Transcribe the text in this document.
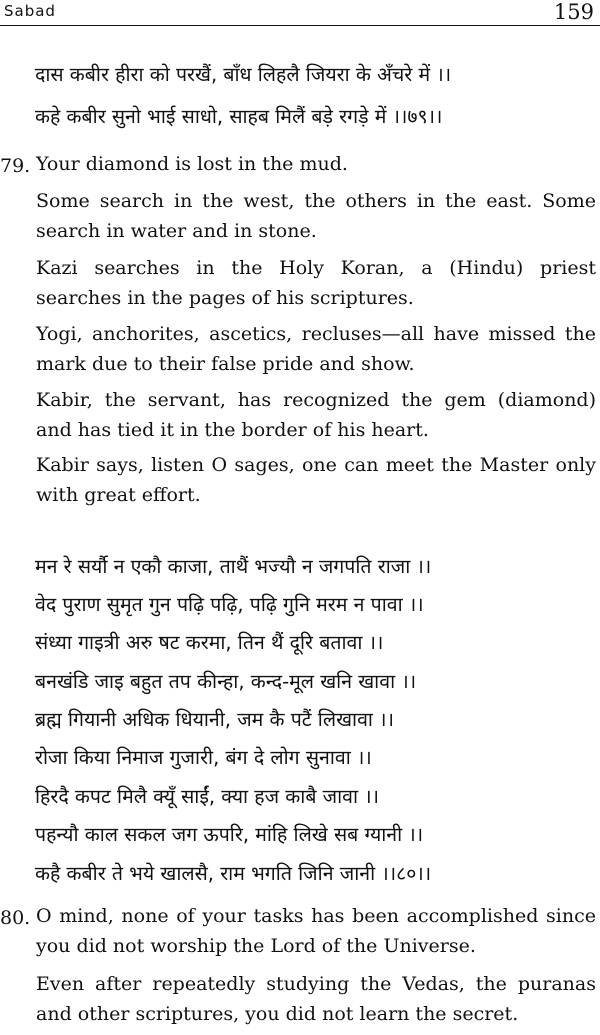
Sabad	159
दास कबीर हीरा को परखैं, बाँध लिहलै जियरा के अँचरे में ।।
कहे कबीर सुनो भाई साधो, साहब मिलैं बड़े रगड़े में ।।७९।।
79. Your diamond is lost in the mud.
Some search in the west, the others in the east. Some search in water and in stone.
Kazi searches in the Holy Koran, a (Hindu) priest searches in the pages of his scriptures.
Yogi, anchorites, ascetics, recluses—all have missed the mark due to their false pride and show.
Kabir, the servant, has recognized the gem (diamond) and has tied it in the border of his heart.
Kabir says, listen O sages, one can meet the Master only with great effort.
मन रे सर्यौ न एकौ काजा, ताथैं भज्यौ न जगपति राजा ।।
वेद पुराण सुमृत गुन पढ़ि पढ़ि, पढ़ि गुनि मरम न पावा ।।
संध्या गाइत्री अरु षट करमा, तिन थैं दूरि बतावा ।।
बनखंडि जाइ बहुत तप कीन्हा, कन्द-मूल खनि खावा ।।
ब्रह्म गियानी अधिक धियानी, जम कै पटैं लिखावा ।।
रोजा किया निमाज गुजारी, बंग दे लोग सुनावा ।।
हिरदै कपट मिलै क्यूँ साईं, क्या हज काबै जावा ।।
पहन्यौ काल सकल जग ऊपरि, मांहि लिखे सब ग्यानी ।।
कहै कबीर ते भये खालसै, राम भगति जिनि जानी ।।८०।।
80. O mind, none of your tasks has been accomplished since you did not worship the Lord of the Universe.
Even after repeatedly studying the Vedas, the puranas and other scriptures, you did not learn the secret.
